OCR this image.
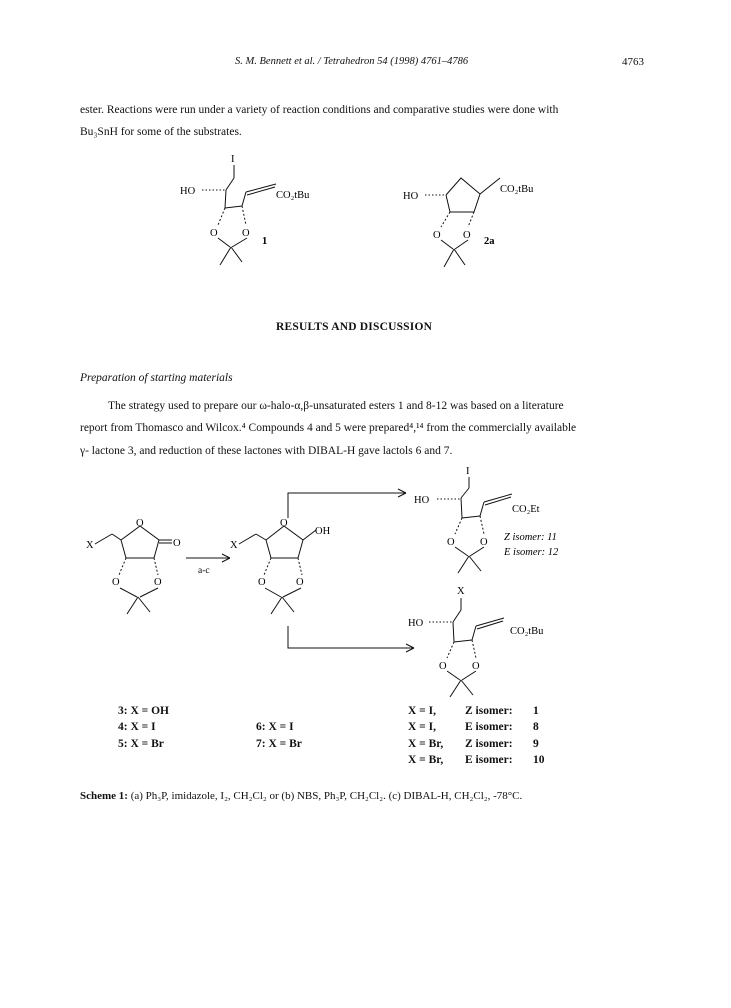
S. M. Bennett et al. / Tetrahedron 54 (1998) 4761–4786	4763
ester. Reactions were run under a variety of reaction conditions and comparative studies were done with
Bu₃SnH for some of the substrates.
I
HO	CO₂tBu
O O
1
HO
CO₂tBu
O O
2a
RESULTS AND DISCUSSION
Preparation of starting materials
The strategy used to prepare our ω-halo-α,β-unsaturated esters 1 and 8-12 was based on a literature
report from Thomasco and Wilcox.⁴ Compounds 4 and 5 were prepared⁴,¹⁴ from the commercially available
γ- lactone 3, and reduction of these lactones with DIBAL-H gave lactols 6 and 7.
X
O
O
O	O
a-c
X
O
OH
O	O
I
HO
CO₂Et
O O Z isomer: 11
E isomer: 12
X
HO
CO₂tBu
O O
3: X = OH
4: X = I
5: X = Br
6: X = I
7: X = Br
X = I,	Z isomer: 1
X = I,	E isomer: 8
X = Br, Z isomer: 9
X = Br, E isomer: 10
Scheme 1: (a) Ph₃P, imidazole, I₂, CH₂Cl₂ or (b) NBS, Ph₃P, CH₂Cl₂. (c) DIBAL-H, CH₂Cl₂, -78°C.
